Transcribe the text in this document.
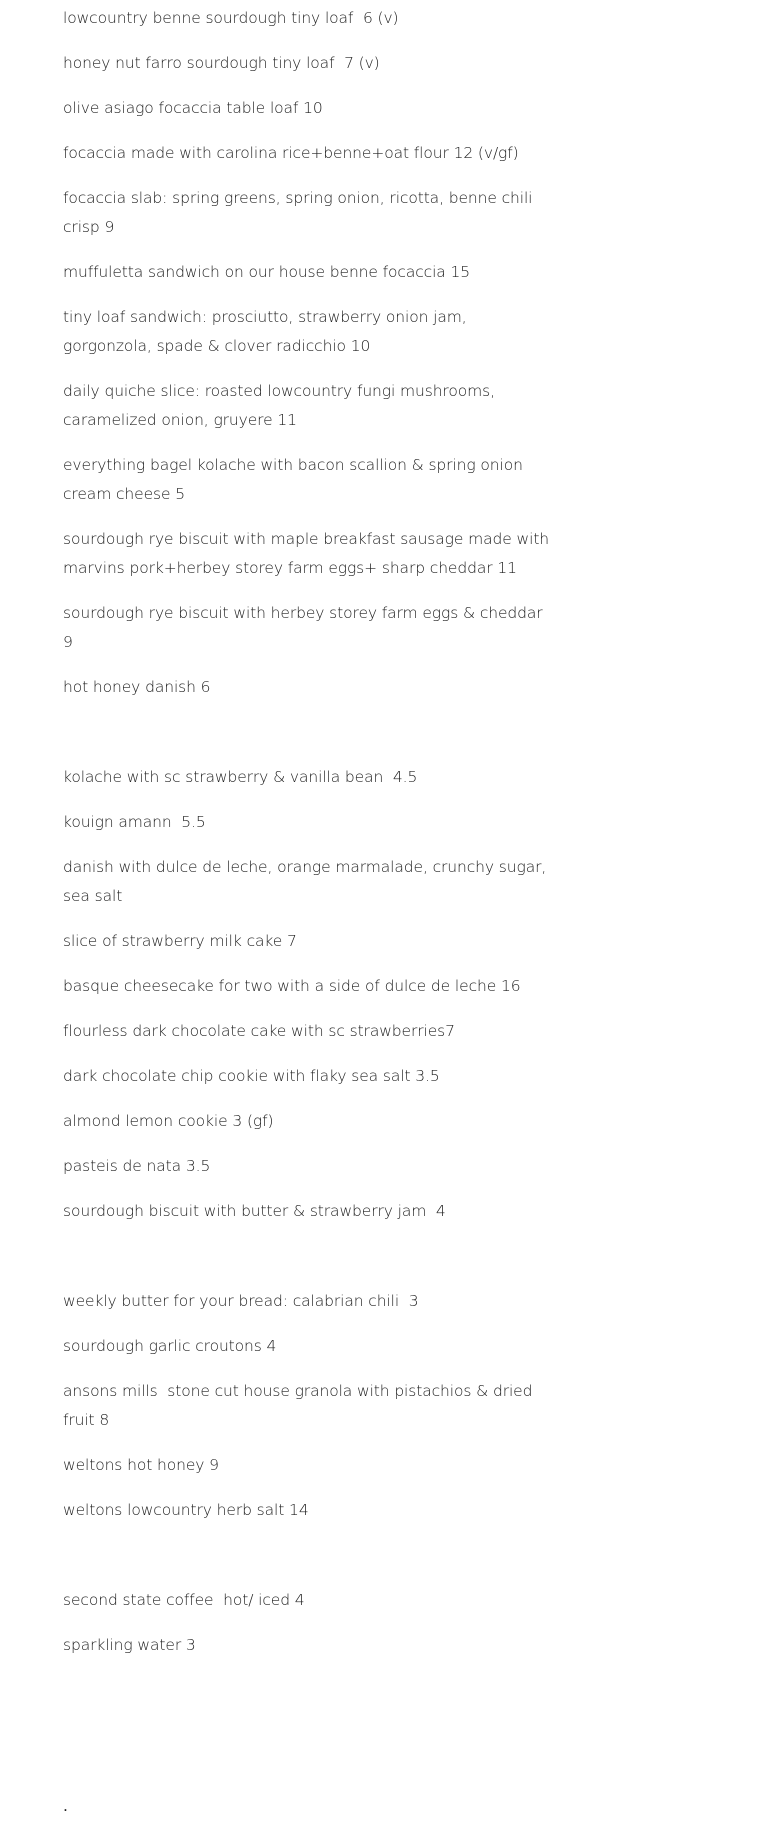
lowcountry benne sourdough tiny loaf  6 (v)

honey nut farro sourdough tiny loaf  7 (v)

olive asiago focaccia table loaf 10

focaccia made with carolina rice+benne+oat flour 12 (v/gf)

focaccia slab: spring greens, spring onion, ricotta, benne chili crisp 9

muffuletta sandwich on our house benne focaccia 15

tiny loaf sandwich: prosciutto, strawberry onion jam, gorgonzola, spade & clover radicchio 10

daily quiche slice: roasted lowcountry fungi mushrooms, caramelized onion, gruyere 11

everything bagel kolache with bacon scallion & spring onion cream cheese 5

sourdough rye biscuit with maple breakfast sausage made with marvins pork+herbey storey farm eggs+ sharp cheddar 11

sourdough rye biscuit with herbey storey farm eggs & cheddar 9

hot honey danish 6

kolache with sc strawberry & vanilla bean  4.5

kouign amann  5.5

danish with dulce de leche, orange marmalade, crunchy sugar, sea salt

slice of strawberry milk cake 7

basque cheesecake for two with a side of dulce de leche 16

flourless dark chocolate cake with sc strawberries7

dark chocolate chip cookie with flaky sea salt 3.5

almond lemon cookie 3 (gf)

pasteis de nata 3.5

sourdough biscuit with butter & strawberry jam  4

weekly butter for your bread: calabrian chili  3

sourdough garlic croutons 4

ansons mills  stone cut house granola with pistachios & dried fruit 8

weltons hot honey 9

weltons lowcountry herb salt 14

second state coffee  hot/ iced 4

sparkling water 3

.
